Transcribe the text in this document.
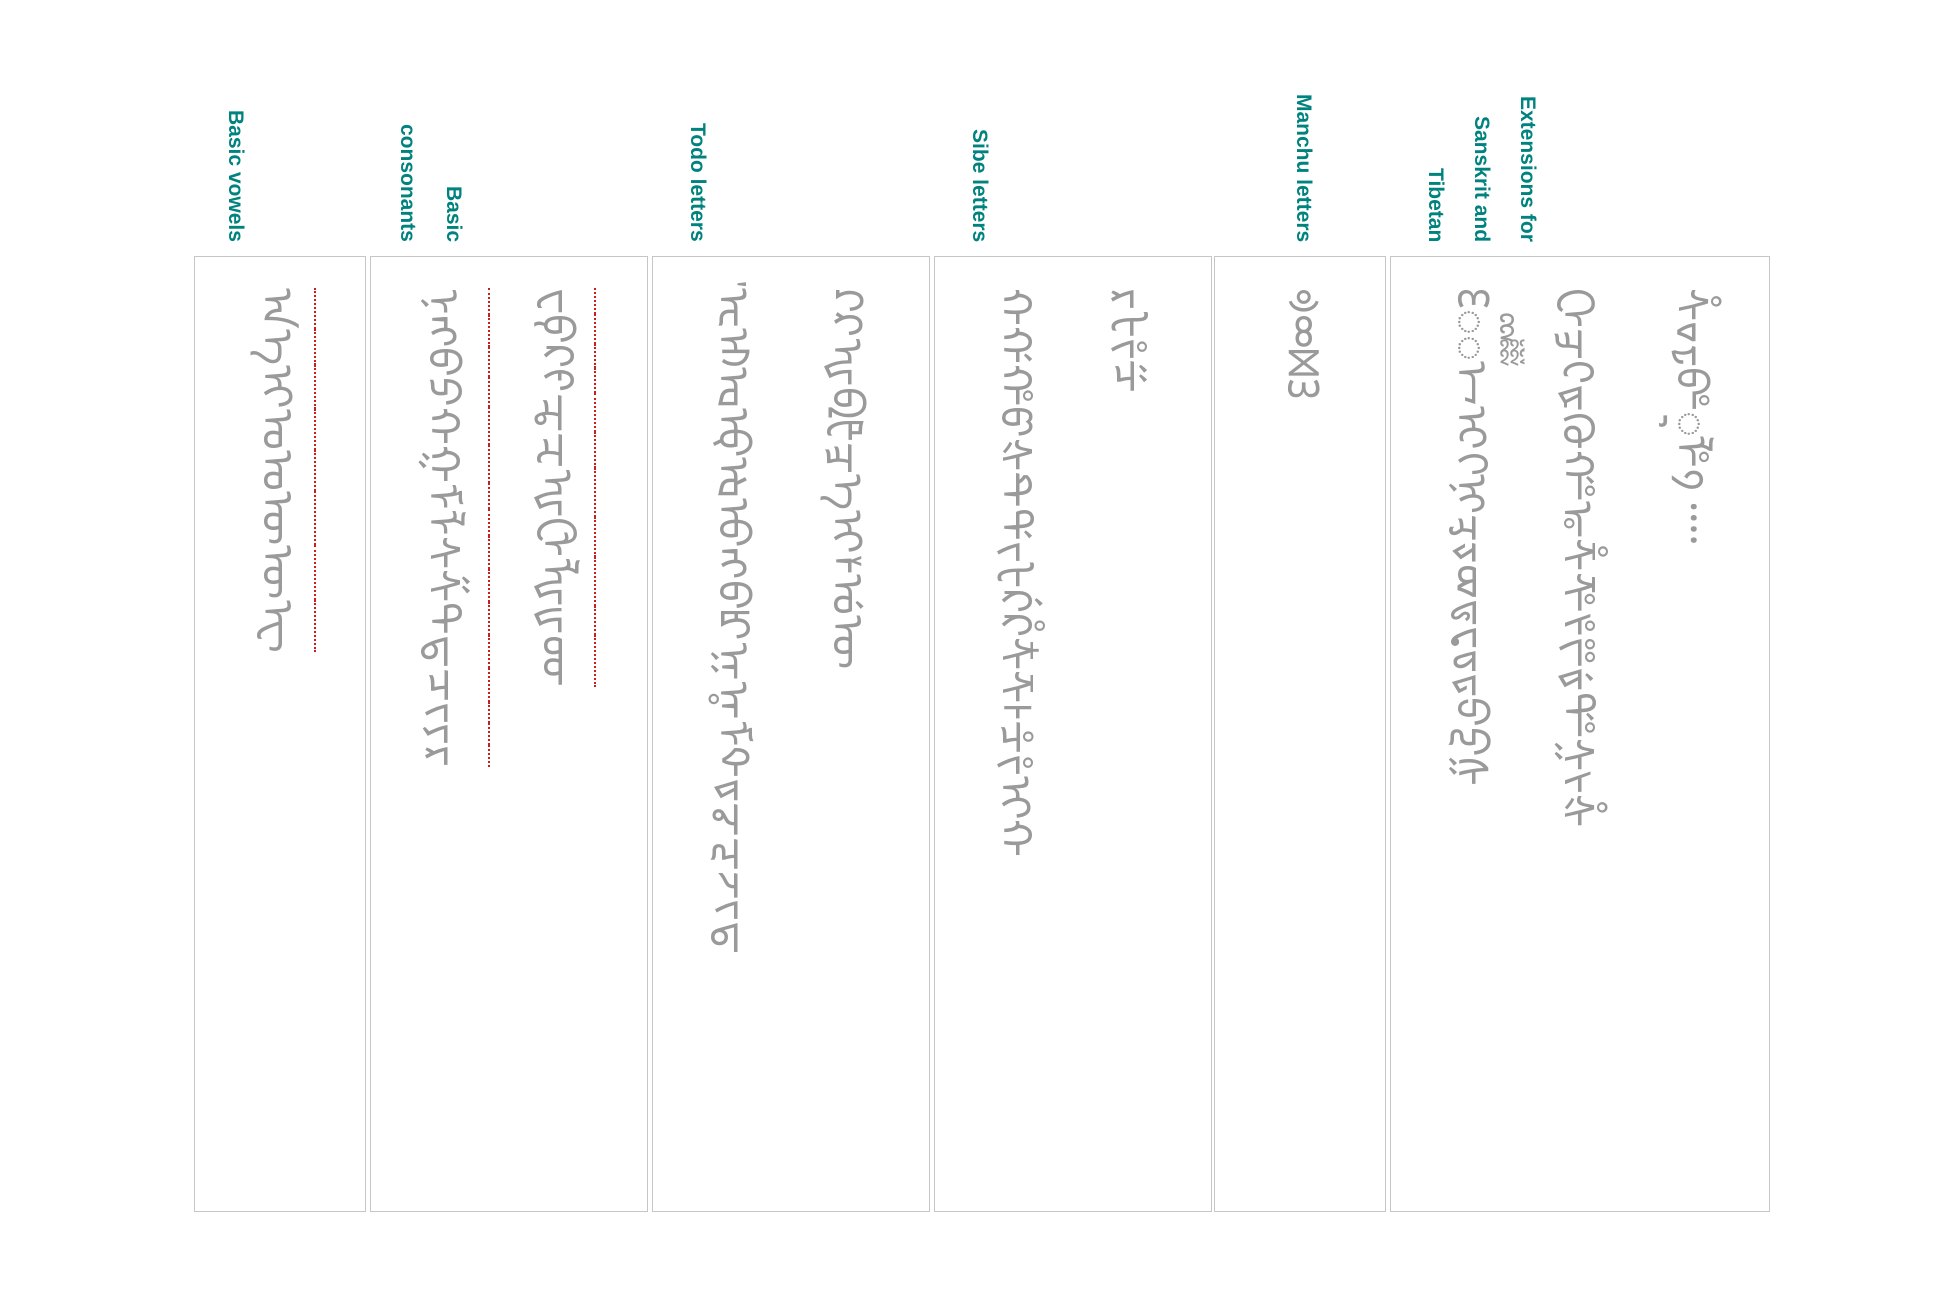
Basic vowels
ᠠ
ᠡ
ᠢ
ᠣ
ᠤ
ᠥ
ᠦ
ᠧ
Basic consonants
ᠨ
ᠩ
ᠪ
ᠫ
ᠬ
ᠭ
ᠮ
ᠯ
ᠰ
ᠱ
ᠲ
ᠳ
ᠴ
ᠵ
ᠶ
ᠷ
ᠸ
ᠹ
ᠺ
ᠻ
ᠼ
ᠽ
ᠾ
ᠿ
ᡀ
ᡁ
ᡂ
Todo letters
ᡄ
ᡅ
ᡆ
ᡇ
ᡈ
ᡉ
ᡊ
ᡋ
ᡌ
ᡍ
ᡎ
ᡏ
ᡐ
ᡑ
ᡒ
ᡓ
ᡔ
ᡕ
ᡖ
ᡗ
ᡘ
ᡙ
ᡚ
ᡛ
ᡜ
ᡝ
ᡞ
ᡟ
ᡠ
ᡡ
Sibe letters
ᡣ
ᡤ
ᡥ
ᡦ
ᡧ
ᡨ
ᡩ
ᡪ
ᡫ
ᡬ
ᡭ
ᡮ
ᡯ
ᡰ
ᡱ
ᡲ
ᡳ
ᡴ
ᡵ
ᡶ
ᡷ
ᡸ
Manchu letters
ᢀ
ᢁ
ᢂ
ᢃ
Extensions for Sanskrit and Tibetan
ᢄ
ᢅ
ᢆ
ᢇ
ᢈ
ᢉ
ᢊ
ᢋ
ᢌ
ᢍ
ᢎ
ᢏ
ᢐ
ᢑ
ᢒ
ᢓ
ᢔ
ᢕ
ᢖ
ᢗ
ᢘ
ᢙ
ᢚ
ᢛ
ᢜ
ᢝ
ᢞ
ᢟ
ᢠ
ᢡ
ᢢ
ᢣ
ᢤ
ᢥ
ᢦ
ᢧ
ᢨ
ᢩ
ᢪ
᠀
᠁
